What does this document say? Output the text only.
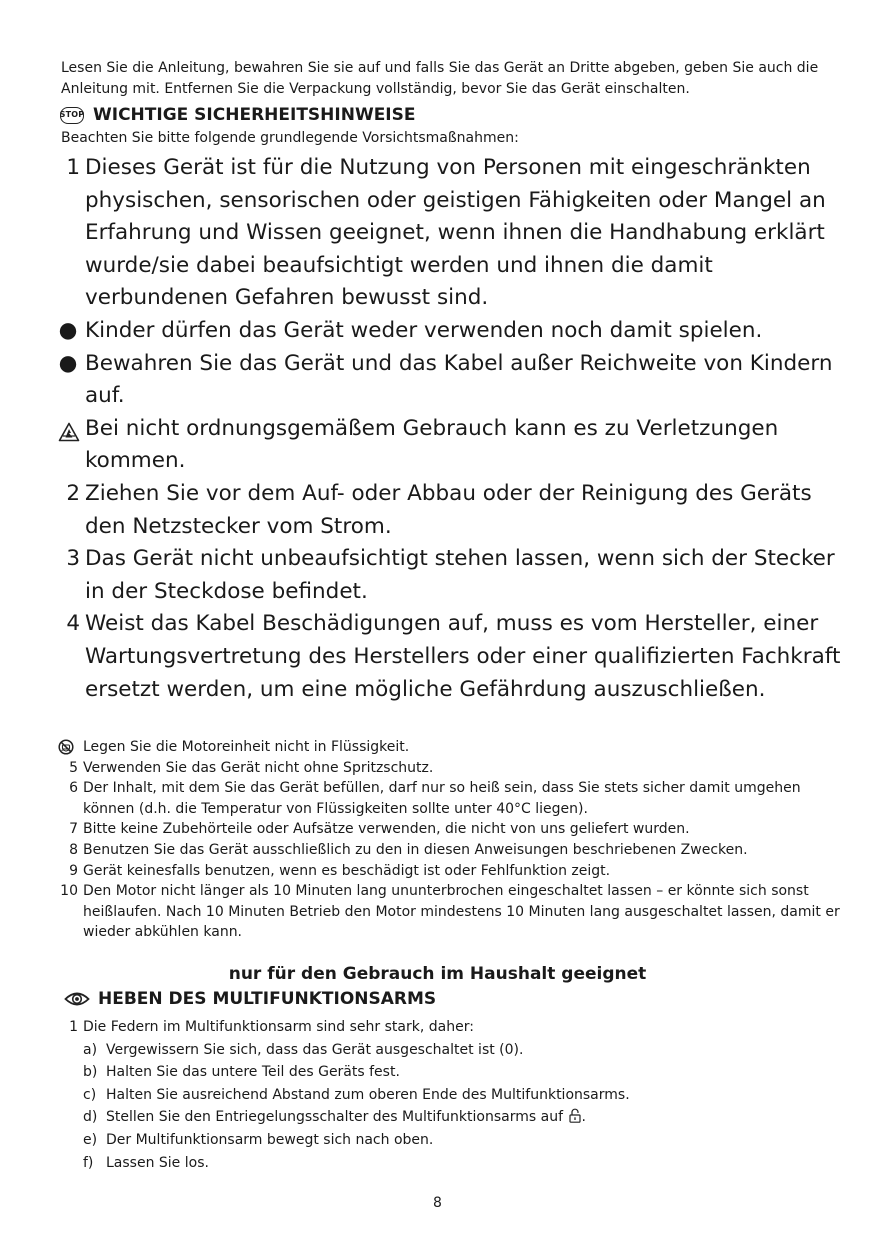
Lesen Sie die Anleitung, bewahren Sie sie auf und falls Sie das Gerät an Dritte abgeben, geben Sie auch die Anleitung mit. Entfernen Sie die Verpackung vollständig, bevor Sie das Gerät einschalten.
STOP WICHTIGE SICHERHEITSHINWEISE
Beachten Sie bitte folgende grundlegende Vorsichtsmaßnahmen:
1 Dieses Gerät ist für die Nutzung von Personen mit eingeschränkten physischen, sensorischen oder geistigen Fähigkeiten oder Mangel an Erfahrung und Wissen geeignet, wenn ihnen die Handhabung erklärt wurde/sie dabei beaufsichtigt werden und ihnen die damit verbundenen Gefahren bewusst sind.
● Kinder dürfen das Gerät weder verwenden noch damit spielen.
● Bewahren Sie das Gerät und das Kabel außer Reichweite von Kindern auf.
Bei nicht ordnungsgemäßem Gebrauch kann es zu Verletzungen kommen.
2 Ziehen Sie vor dem Auf- oder Abbau oder der Reinigung des Geräts den Netzstecker vom Strom.
3 Das Gerät nicht unbeaufsichtigt stehen lassen, wenn sich der Stecker in der Steckdose befindet.
4 Weist das Kabel Beschädigungen auf, muss es vom Hersteller, einer Wartungsvertretung des Herstellers oder einer qualifizierten Fachkraft ersetzt werden, um eine mögliche Gefährdung auszuschließen.
Legen Sie die Motoreinheit nicht in Flüssigkeit.
5 Verwenden Sie das Gerät nicht ohne Spritzschutz.
6 Der Inhalt, mit dem Sie das Gerät befüllen, darf nur so heiß sein, dass Sie stets sicher damit umgehen können (d.h. die Temperatur von Flüssigkeiten sollte unter 40°C liegen).
7 Bitte keine Zubehörteile oder Aufsätze verwenden, die nicht von uns geliefert wurden.
8 Benutzen Sie das Gerät ausschließlich zu den in diesen Anweisungen beschriebenen Zwecken.
9 Gerät keinesfalls benutzen, wenn es beschädigt ist oder Fehlfunktion zeigt.
10 Den Motor nicht länger als 10 Minuten lang ununterbrochen eingeschaltet lassen – er könnte sich sonst heißlaufen. Nach 10 Minuten Betrieb den Motor mindestens 10 Minuten lang ausgeschaltet lassen, damit er wieder abkühlen kann.
nur für den Gebrauch im Haushalt geeignet
HEBEN DES MULTIFUNKTIONSARMS
1 Die Federn im Multifunktionsarm sind sehr stark, daher:
a) Vergewissern Sie sich, dass das Gerät ausgeschaltet ist (0).
b) Halten Sie das untere Teil des Geräts fest.
c) Halten Sie ausreichend Abstand zum oberen Ende des Multifunktionsarms.
d) Stellen Sie den Entriegelungsschalter des Multifunktionsarms auf .
e) Der Multifunktionsarm bewegt sich nach oben.
f) Lassen Sie los.
8
